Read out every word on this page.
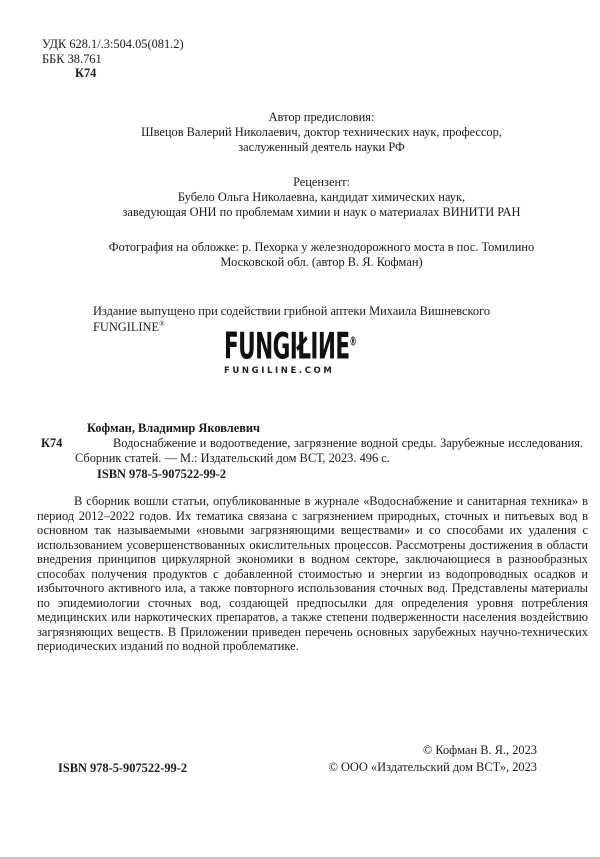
УДК 628.1/.3:504.05(081.2)
ББК 38.761
К74
Автор предисловия:
Швецов Валерий Николаевич, доктор технических наук, профессор,
заслуженный деятель науки РФ
Рецензент:
Бубело Ольга Николаевна, кандидат химических наук,
заведующая ОНИ по проблемам химии и наук о материалах ВИНИТИ РАН
Фотография на обложке: р. Пехорка у железнодорожного моста в пос. Томилино
Московской обл. (автор В. Я. Кофман)
Издание выпущено при содействии грибной аптеки Михаила Вишневского
FUNGILINE®
FUNGIŁIИE®
FUNGILINE.COM
Кофман, Владимир Яковлевич
К74	Водоснабжение и водоотведение, загрязнение водной среды. Зарубежные исследования. Сборник статей. — М.: Издательский дом ВСТ, 2023. 496 с.

ISBN 978-5-907522-99-2

В сборник вошли статьи, опубликованные в журнале «Водоснабжение и санитарная техника» в период 2012–2022 годов. Их тематика связана с загрязнением природных, сточных и питьевых вод в основном так называемыми «новыми загрязняющими веществами» и со способами их удаления с использованием усовершенствованных окислительных процессов. Рассмотрены достижения в области внедрения принципов циркулярной экономики в водном секторе, заключающиеся в разнообразных способах получения продуктов с добавленной стоимостью и энергии из водопроводных осадков и избыточного активного ила, а также повторного использования сточных вод. Представлены материалы по эпидемиологии сточных вод, создающей предпосылки для определения уровня потребления медицинских или наркотических препаратов, а также степени подверженности населения воздействию загрязняющих веществ. В Приложении приведен перечень основных зарубежных научно-технических периодических изданий по водной проблематике.

© Кофман В. Я., 2023
© ООО «Издательский дом ВСТ», 2023
ISBN 978-5-907522-99-2
